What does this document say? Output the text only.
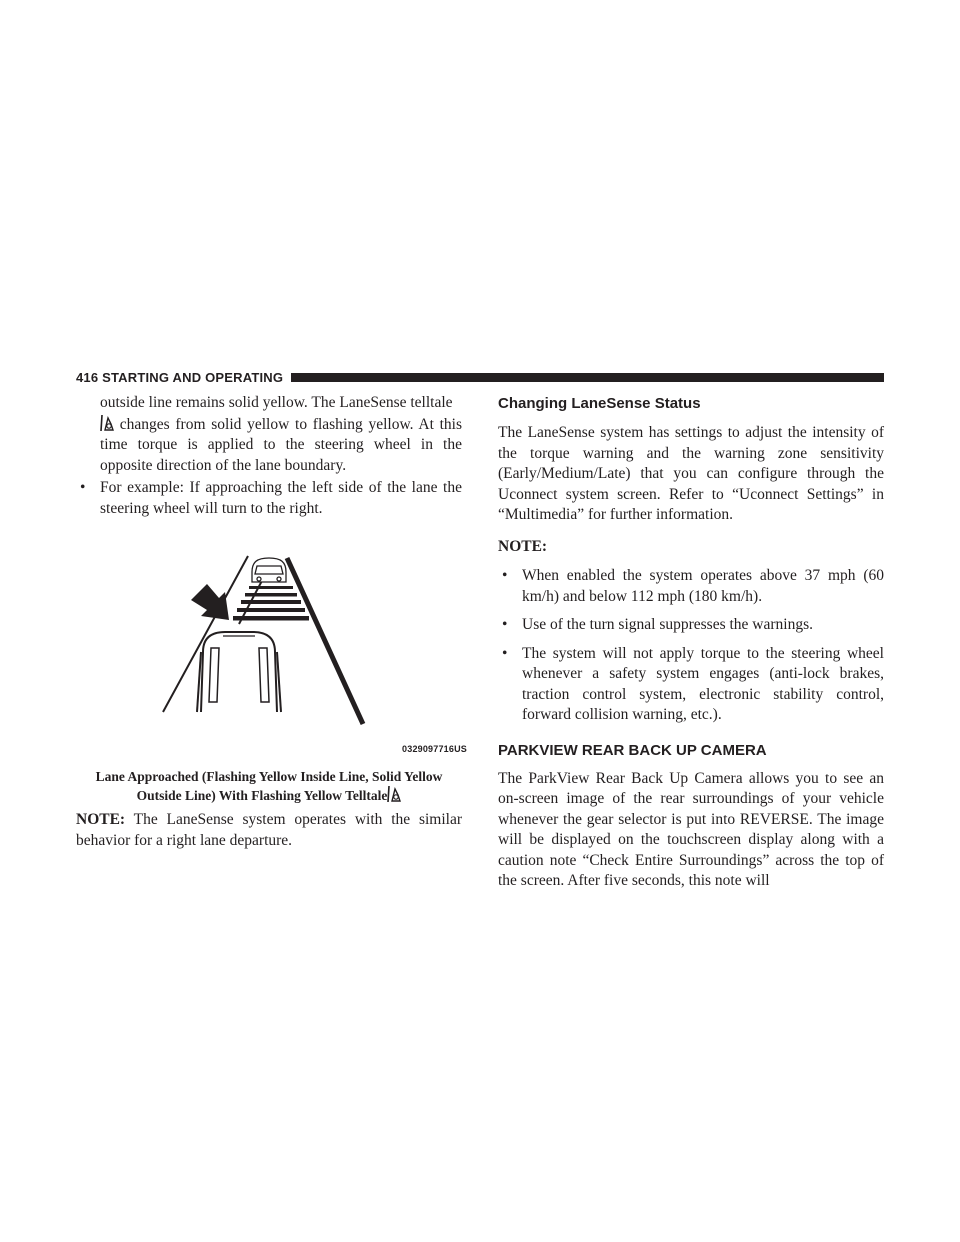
416 STARTING AND OPERATING

outside line remains solid yellow. The LaneSense telltale
changes from solid yellow to flashing yellow. At this time torque is applied to the steering wheel in the opposite direction of the lane boundary.

• For example: If approaching the left side of the lane the steering wheel will turn to the right.
0329097716US
Lane Approached (Flashing Yellow Inside Line, Solid Yellow Outside Line) With Flashing Yellow Telltale

NOTE: The LaneSense system operates with the similar behavior for a right lane departure.

Changing LaneSense Status

The LaneSense system has settings to adjust the intensity of the torque warning and the warning zone sensitivity (Early/Medium/Late) that you can configure through the Uconnect system screen. Refer to “Uconnect Settings” in “Multimedia” for further information.

NOTE:

• When enabled the system operates above 37 mph (60 km/h) and below 112 mph (180 km/h).
• Use of the turn signal suppresses the warnings.
• The system will not apply torque to the steering wheel whenever a safety system engages (anti-lock brakes, traction control system, electronic stability control, forward collision warning, etc.).
PARKVIEW REAR BACK UP CAMERA

The ParkView Rear Back Up Camera allows you to see an on-screen image of the rear surroundings of your vehicle whenever the gear selector is put into REVERSE. The image will be displayed on the touchscreen display along with a caution note “Check Entire Surroundings” across the top of the screen. After five seconds, this note will
